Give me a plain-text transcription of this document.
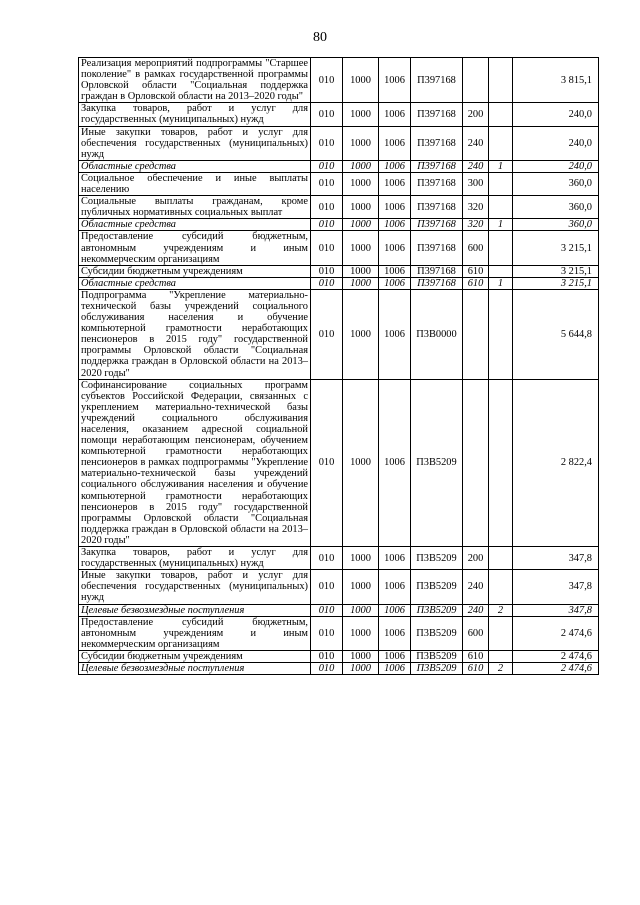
80
Реализация мероприятий подпрограммы "Старшее поколение" в рамках государственной программы Орловской области "Социальная поддержка граждан в Орловской области на 2013–2020 годы"	010	1000	1006	П397168			3 815,1
Закупка товаров, работ и услуг для государственных (муниципальных) нужд	010	1000	1006	П397168	200		240,0
Иные закупки товаров, работ и услуг для обеспечения государственных (муниципальных) нужд	010	1000	1006	П397168	240		240,0
Областные средства	010	1000	1006	П397168	240	1	240,0
Социальное обеспечение и иные выплаты населению	010	1000	1006	П397168	300		360,0
Социальные выплаты гражданам, кроме публичных нормативных социальных выплат	010	1000	1006	П397168	320		360,0
Областные средства	010	1000	1006	П397168	320	1	360,0
Предоставление субсидий бюджетным, автономным учреждениям и иным некоммерческим организациям	010	1000	1006	П397168	600		3 215,1
Субсидии бюджетным учреждениям	010	1000	1006	П397168	610		3 215,1
Областные средства	010	1000	1006	П397168	610	1	3 215,1
Подпрограмма "Укрепление материально-технической базы учреждений социального обслуживания населения и обучение компьютерной грамотности неработающих пенсионеров в 2015 году" государственной программы Орловской области "Социальная поддержка граждан в Орловской области на 2013–2020 годы"	010	1000	1006	П3В0000			5 644,8
Софинансирование социальных программ субъектов Российской Федерации, связанных с укреплением материально-технической базы учреждений социального обслуживания населения, оказанием адресной социальной помощи неработающим пенсионерам, обучением компьютерной грамотности неработающих пенсионеров в рамках подпрограммы "Укрепление материально-технической базы учреждений социального обслуживания населения и обучение компьютерной грамотности неработающих пенсионеров в 2015 году" государственной программы Орловской области "Социальная поддержка граждан в Орловской области на 2013–2020 годы"	010	1000	1006	П3В5209			2 822,4
Закупка товаров, работ и услуг для государственных (муниципальных) нужд	010	1000	1006	П3В5209	200		347,8
Иные закупки товаров, работ и услуг для обеспечения государственных (муниципальных) нужд	010	1000	1006	П3В5209	240		347,8
Целевые безвозмездные поступления	010	1000	1006	П3В5209	240	2	347,8
Предоставление субсидий бюджетным, автономным учреждениям и иным некоммерческим организациям	010	1000	1006	П3В5209	600		2 474,6
Субсидии бюджетным учреждениям	010	1000	1006	П3В5209	610		2 474,6
Целевые безвозмездные поступления	010	1000	1006	П3В5209	610	2	2 474,6
